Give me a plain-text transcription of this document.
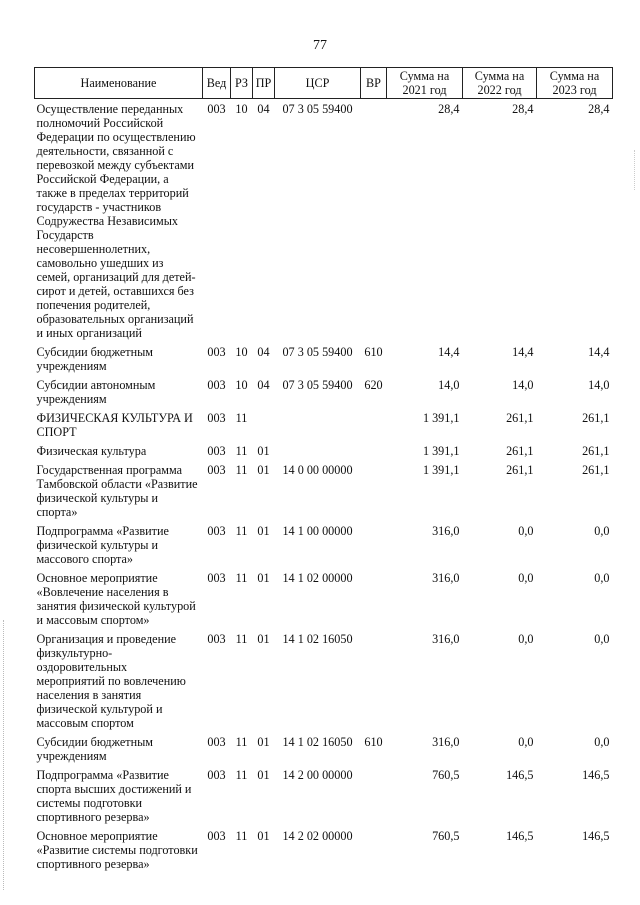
77
Наименование	Вед	РЗ	ПР	ЦСР	ВР	Сумма на 2021 год	Сумма на 2022 год	Сумма на 2023 год
Осуществление переданных полномочий Российской Федерации по осуществлению деятельности, связанной с перевозкой между субъектами Российской Федерации, а также в пределах территорий государств - участников Содружества Независимых Государств несовершеннолетних, самовольно ушедших из семей, организаций для детей-сирот и детей, оставшихся без попечения родителей, образовательных организаций и иных организаций	003	10	04	07 3 05 59400		28,4	28,4	28,4
Субсидии бюджетным учреждениям	003	10	04	07 3 05 59400	610	14,4	14,4	14,4
Субсидии автономным учреждениям	003	10	04	07 3 05 59400	620	14,0	14,0	14,0
ФИЗИЧЕСКАЯ КУЛЬТУРА И СПОРТ	003	11				1 391,1	261,1	261,1
Физическая культура	003	11	01			1 391,1	261,1	261,1
Государственная программа Тамбовской области «Развитие физической культуры и спорта»	003	11	01	14 0 00 00000		1 391,1	261,1	261,1
Подпрограмма «Развитие физической культуры и массового спорта»	003	11	01	14 1 00 00000		316,0	0,0	0,0
Основное мероприятие «Вовлечение населения в занятия физической культурой и массовым спортом»	003	11	01	14 1 02 00000		316,0	0,0	0,0
Организация и проведение физкультурно-оздоровительных мероприятий по вовлечению населения в занятия физической культурой и массовым спортом	003	11	01	14 1 02 16050		316,0	0,0	0,0
Субсидии бюджетным учреждениям	003	11	01	14 1 02 16050	610	316,0	0,0	0,0
Подпрограмма «Развитие спорта высших достижений и системы подготовки спортивного резерва»	003	11	01	14 2 00 00000		760,5	146,5	146,5
Основное мероприятие «Развитие системы подготовки спортивного резерва»	003	11	01	14 2 02 00000		760,5	146,5	146,5
